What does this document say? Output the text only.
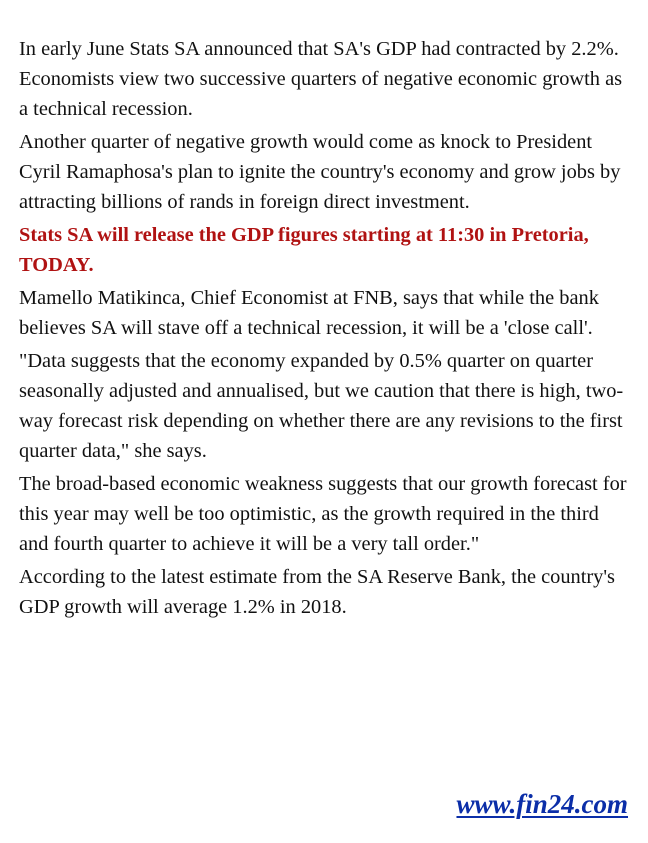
In early June Stats SA announced that SA's GDP had contracted by 2.2%. Economists view two successive quarters of negative economic growth as a technical recession.

Another quarter of negative growth would come as knock to President Cyril Ramaphosa's plan to ignite the country's economy and grow jobs by attracting billions of rands in foreign direct investment.

Stats SA will release the GDP figures starting at 11:30 in Pretoria, TODAY.

Mamello Matikinca, Chief Economist at FNB, says that while the bank believes SA will stave off a technical recession, it will be a 'close call'.

"Data suggests that the economy expanded by 0.5% quarter on quarter seasonally adjusted and annualised, but we caution that there is high, two-way forecast risk depending on whether there are any revisions to the first quarter data," she says.

The broad-based economic weakness suggests that our growth forecast for this year may well be too optimistic, as the growth required in the third and fourth quarter to achieve it will be a very tall order."

According to the latest estimate from the SA Reserve Bank, the country's GDP growth will average 1.2% in 2018.

www.fin24.com
